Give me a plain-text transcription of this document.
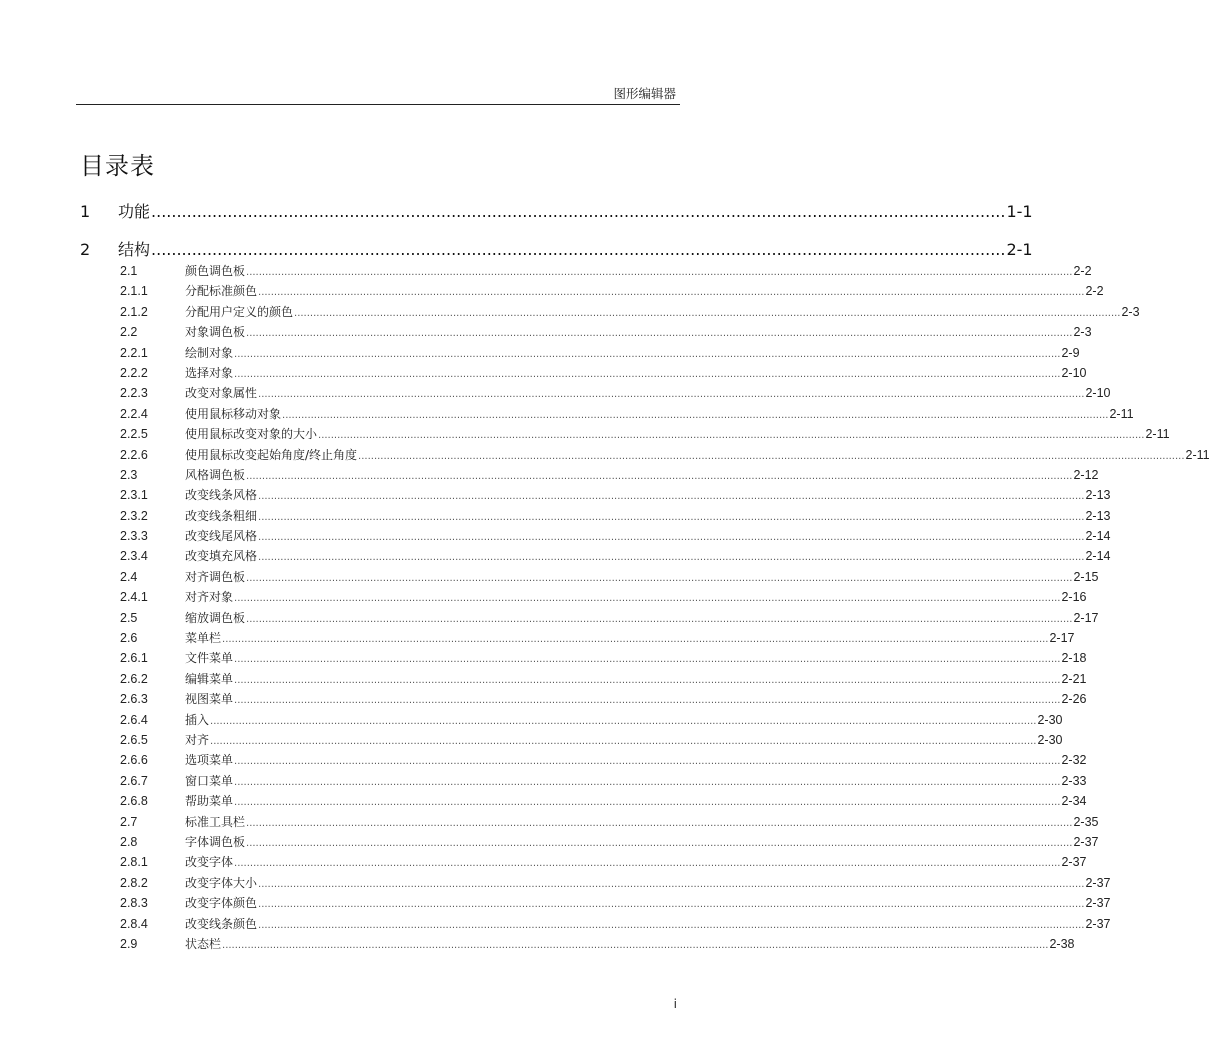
图形编辑器
目录表
1	功能 ........................................................................................................................................................................ 1-1
2	结构 ........................................................................................................................................................................ 2-1
2.1	颜色调色板 .................................................................................................................................................................................................................................................................... 2-2
2.1.1	分配标准颜色 .................................................................................................................................................................................................................................................................... 2-2
2.1.2	分配用户定义的颜色 .................................................................................................................................................................................................................................................................... 2-3
2.2	对象调色板 .................................................................................................................................................................................................................................................................... 2-3
2.2.1	绘制对象 .................................................................................................................................................................................................................................................................... 2-9
2.2.2	选择对象 .................................................................................................................................................................................................................................................................... 2-10
2.2.3	改变对象属性 .................................................................................................................................................................................................................................................................... 2-10
2.2.4	使用鼠标移动对象 .................................................................................................................................................................................................................................................................... 2-11
2.2.5	使用鼠标改变对象的大小 .................................................................................................................................................................................................................................................................... 2-11
2.2.6	使用鼠标改变起始角度/终止角度 .................................................................................................................................................................................................................................................................... 2-11
2.3	风格调色板 .................................................................................................................................................................................................................................................................... 2-12
2.3.1	改变线条风格 .................................................................................................................................................................................................................................................................... 2-13
2.3.2	改变线条粗细 .................................................................................................................................................................................................................................................................... 2-13
2.3.3	改变线尾风格 .................................................................................................................................................................................................................................................................... 2-14
2.3.4	改变填充风格 .................................................................................................................................................................................................................................................................... 2-14
2.4	对齐调色板 .................................................................................................................................................................................................................................................................... 2-15
2.4.1	对齐对象 .................................................................................................................................................................................................................................................................... 2-16
2.5	缩放调色板 .................................................................................................................................................................................................................................................................... 2-17
2.6	菜单栏 .................................................................................................................................................................................................................................................................... 2-17
2.6.1	文件菜单 .................................................................................................................................................................................................................................................................... 2-18
2.6.2	编辑菜单 .................................................................................................................................................................................................................................................................... 2-21
2.6.3	视图菜单 .................................................................................................................................................................................................................................................................... 2-26
2.6.4	插入 .................................................................................................................................................................................................................................................................... 2-30
2.6.5	对齐 .................................................................................................................................................................................................................................................................... 2-30
2.6.6	选项菜单 .................................................................................................................................................................................................................................................................... 2-32
2.6.7	窗口菜单 .................................................................................................................................................................................................................................................................... 2-33
2.6.8	帮助菜单 .................................................................................................................................................................................................................................................................... 2-34
2.7	标准工具栏 .................................................................................................................................................................................................................................................................... 2-35
2.8	字体调色板 .................................................................................................................................................................................................................................................................... 2-37
2.8.1	改变字体 .................................................................................................................................................................................................................................................................... 2-37
2.8.2	改变字体大小 .................................................................................................................................................................................................................................................................... 2-37
2.8.3	改变字体颜色 .................................................................................................................................................................................................................................................................... 2-37
2.8.4	改变线条颜色 .................................................................................................................................................................................................................................................................... 2-37
2.9	状态栏 .................................................................................................................................................................................................................................................................... 2-38
i
